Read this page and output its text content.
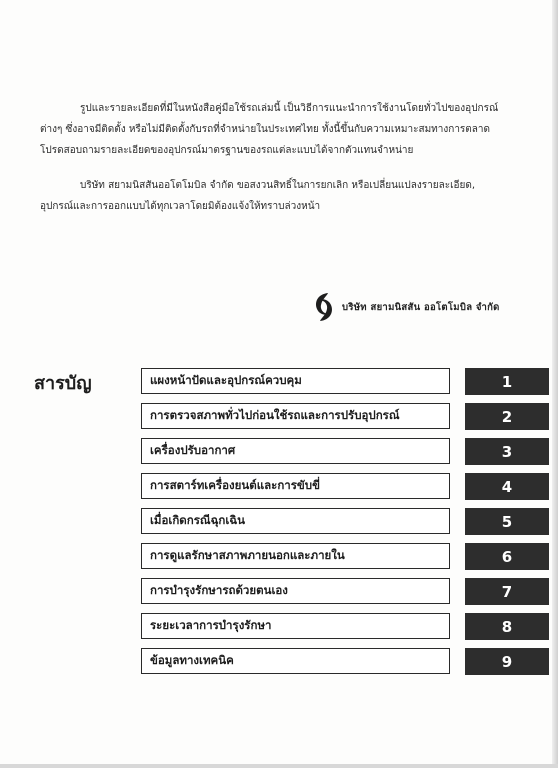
รูปและรายละเอียดที่มีในหนังสือคู่มือใช้รถเล่มนี้ เป็นวิธีการแนะนำการใช้งานโดยทั่วไปของอุปกรณ์ต่างๆ ซึ่งอาจมีติดตั้ง หรือไม่มีติดตั้งกับรถที่จำหน่ายในประเทศไทย ทั้งนี้ขึ้นกับความเหมาะสมทางการตลาด โปรดสอบถามรายละเอียดของอุปกรณ์มาตรฐานของรถแต่ละแบบได้จากตัวแทนจำหน่าย

บริษัท สยามนิสสันออโตโมบิล จำกัด ขอสงวนสิทธิ์ในการยกเลิก หรือเปลี่ยนแปลงรายละเอียด, อุปกรณ์และการออกแบบได้ทุกเวลาโดยมิต้องแจ้งให้ทราบล่วงหน้า

บริษัท สยามนิสสัน ออโตโมบิล จำกัด
สารบัญ	แผงหน้าปัดและอุปกรณ์ควบคุม	1
การตรวจสภาพทั่วไปก่อนใช้รถและการปรับอุปกรณ์	2
เครื่องปรับอากาศ	3
การสตาร์ทเครื่องยนต์และการขับขี่	4
เมื่อเกิดกรณีฉุกเฉิน	5
การดูแลรักษาสภาพภายนอกและภายใน	6
การบำรุงรักษารถด้วยตนเอง	7
ระยะเวลาการบำรุงรักษา	8
ข้อมูลทางเทคนิค	9
